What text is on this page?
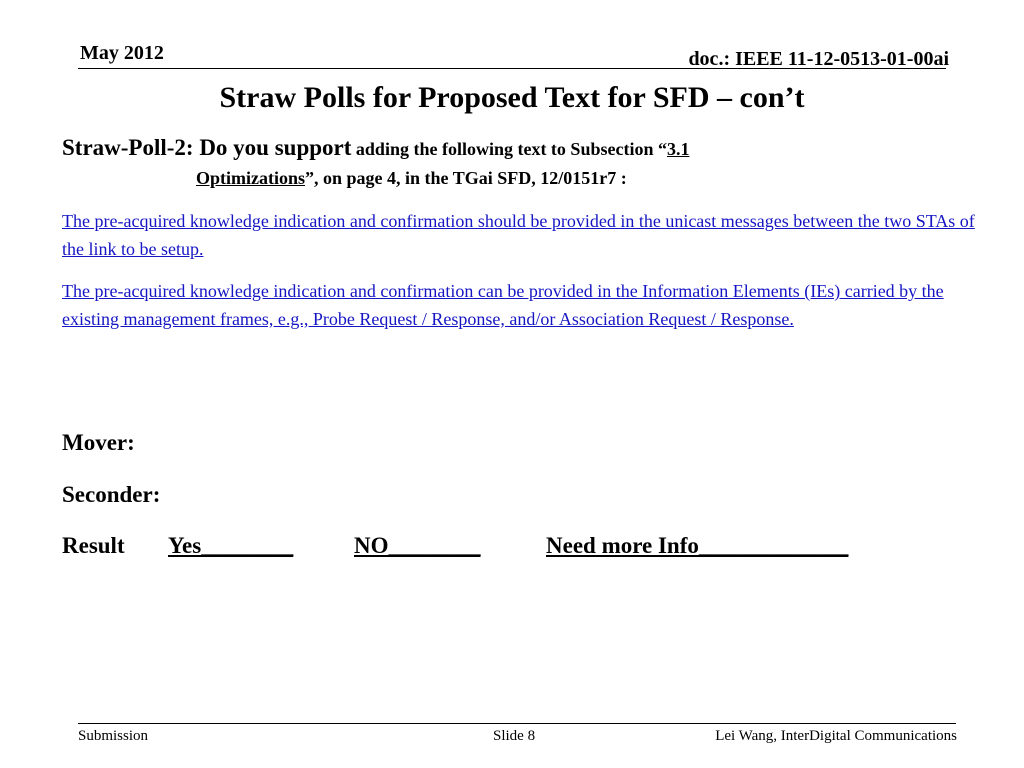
May 2012	doc.: IEEE 11-12-0513-01-00ai
Straw Polls for Proposed Text for SFD – con’t
Straw-Poll-2: Do you support adding the following text to Subsection “3.1
Optimizations”, on page 4, in the TGai SFD, 12/0151r7 :
The pre-acquired knowledge indication and confirmation should be provided in the unicast messages between the two STAs of the link to be setup.
The pre-acquired knowledge indication and confirmation can be provided in the Information Elements (IEs) carried by the existing management frames, e.g., Probe Request / Response, and/or Association Request / Response.
Mover:
Seconder:
Result Yes________	NO________	Need more Info_____________
Submission	Slide 8	Lei Wang, InterDigital Communications
